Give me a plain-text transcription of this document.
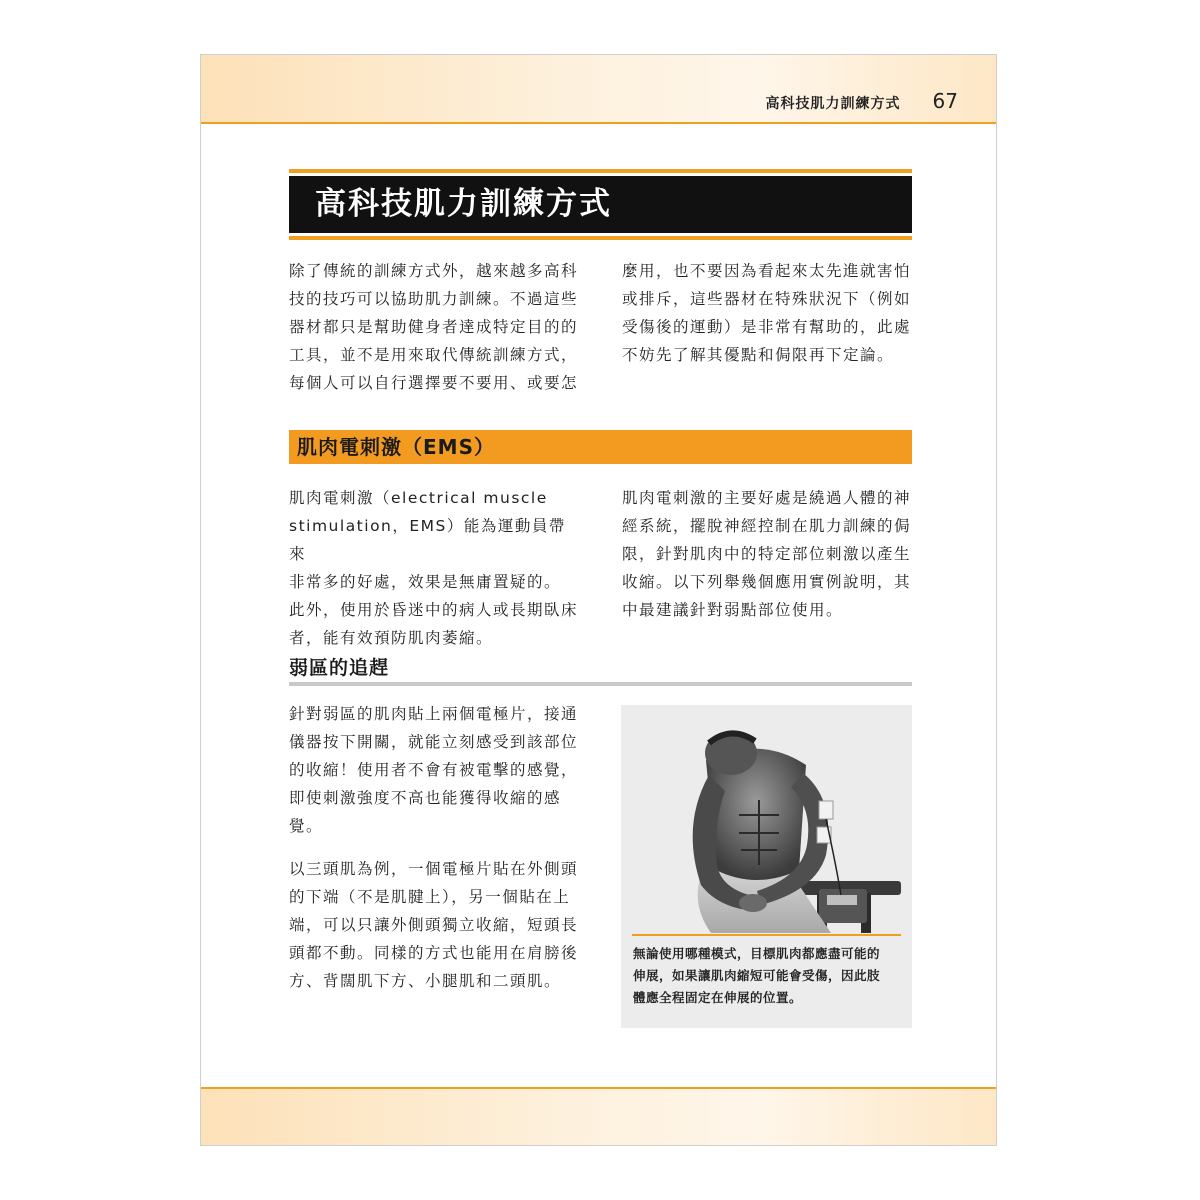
高科技肌力訓練方式 67
高科技肌力訓練方式

除了傳統的訓練方式外，越來越多高科

技的技巧可以協助肌力訓練。不過這些

器材都只是幫助健身者達成特定目的的

工具，並不是用來取代傳統訓練方式，

每個人可以自行選擇要不要用、或要怎

麼用，也不要因為看起來太先進就害怕

或排斥，這些器材在特殊狀況下（例如

受傷後的運動）是非常有幫助的，此處

不妨先了解其優點和侷限再下定論。

肌肉電刺激（EMS）

肌肉電刺激（electrical muscle

stimulation，EMS）能為運動員帶來

非常多的好處，效果是無庸置疑的。

此外，使用於昏迷中的病人或長期臥床

者，能有效預防肌肉萎縮。

肌肉電刺激的主要好處是繞過人體的神

經系統，擺脫神經控制在肌力訓練的侷

限，針對肌肉中的特定部位刺激以產生

收縮。以下列舉幾個應用實例說明，其

中最建議針對弱點部位使用。

弱區的追趕

針對弱區的肌肉貼上兩個電極片，接通

儀器按下開關，就能立刻感受到該部位

的收縮！使用者不會有被電擊的感覺，

即使刺激強度不高也能獲得收縮的感

覺。

以三頭肌為例，一個電極片貼在外側頭

的下端（不是肌腱上），另一個貼在上

端，可以只讓外側頭獨立收縮，短頭長

頭都不動。同樣的方式也能用在肩膀後

方、背闊肌下方、小腿肌和二頭肌。

無論使用哪種模式，目標肌肉都應盡可能的
伸展，如果讓肌肉縮短可能會受傷，因此肢
體應全程固定在伸展的位置。
